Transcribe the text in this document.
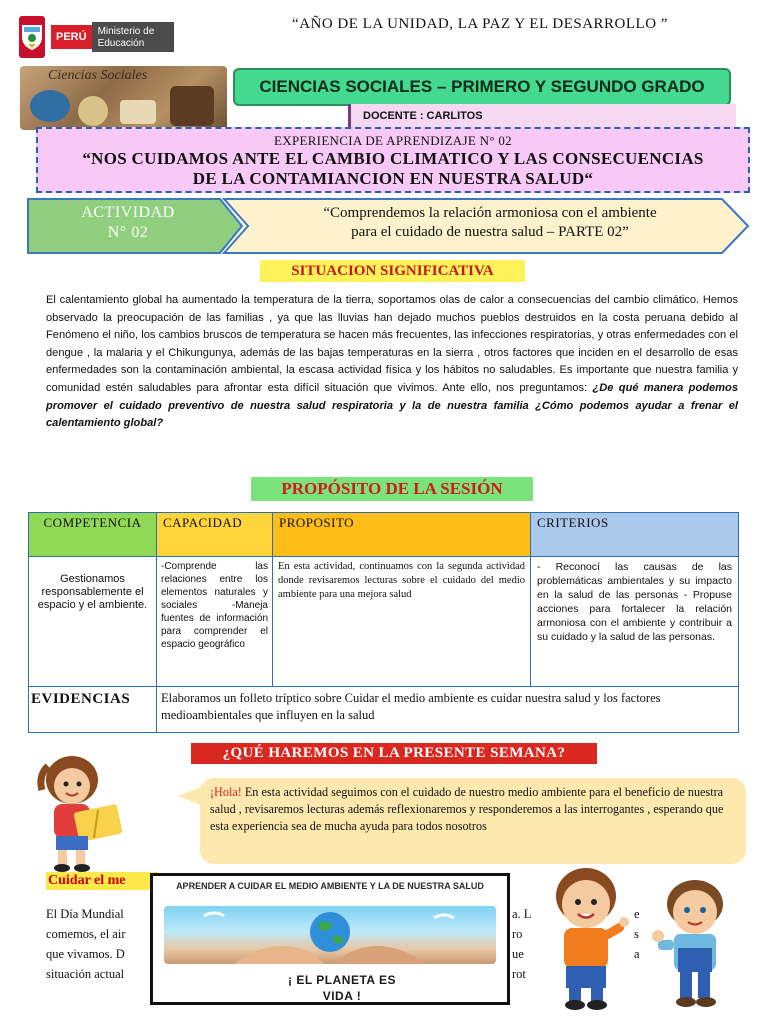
PERÚ	Ministerio de Educación
“AÑO DE LA UNIDAD, LA PAZ Y EL DESARROLLO ”
Ciencias Sociales
CIENCIAS SOCIALES – PRIMERO Y SEGUNDO GRADO
DOCENTE : CARLITOS
EXPERIENCIA DE APRENDIZAJE N° 02
“NOS CUIDAMOS ANTE EL CAMBIO CLIMATICO Y LAS CONSECUENCIAS
DE LA CONTAMIANCION EN NUESTRA SALUD“
ACTIVIDAD
N° 02
“Comprendemos la relación armoniosa con el ambiente
para el cuidado de nuestra salud – PARTE 02”
SITUACION SIGNIFICATIVA
El calentamiento global ha aumentado la temperatura de la tierra, soportamos olas de calor a consecuencias del cambio climático. Hemos observado la preocupación de las familias , ya que las lluvias han dejado muchos pueblos destruidos en la costa peruana debido al Fenómeno el niño, los cambios bruscos de temperatura se hacen más frecuentes, las infecciones respiratorias, y otras enfermedades con el dengue , la malaria y el Chikungunya, además de las bajas temperaturas en la sierra , otros factores que inciden en el desarrollo de esas enfermedades son la contaminación ambiental, la escasa actividad física y los hábitos no saludables. Es importante que nuestra familia y comunidad estén saludables para afrontar esta difícil situación que vivimos. Ante ello, nos preguntamos: ¿De qué manera podemos promover el cuidado preventivo de nuestra salud respiratoria y la de nuestra familia ¿Cómo podemos ayudar a frenar el calentamiento global?
PROPÓSITO DE LA SESIÓN
COMPETENCIA	CAPACIDAD	PROPOSITO	CRITERIOS
Gestionamos responsablemente el espacio y el ambiente.	-Comprende las relaciones entre los elementos naturales y sociales -Maneja fuentes de información para comprender el espacio geográfico	En esta actividad, continuamos con la segunda actividad donde revisaremos lecturas sobre el cuidado del medio ambiente para una mejora salud	- Reconocí las causas de las problemáticas ambientales y su impacto en la salud de las personas - Propuse acciones para fortalecer la relación armoniosa con el ambiente y contribuir a su cuidado y la salud de las personas.
EVIDENCIAS	Elaboramos un folleto tríptico sobre Cuidar el medio ambiente es cuidar nuestra salud y los factores medioambientales que influyen en la salud		
¿QUÉ HAREMOS EN LA PRESENTE SEMANA?
¡Hola! En esta actividad seguimos con el cuidado de nuestro medio ambiente para el beneficio de nuestra salud , revisaremos lecturas además reflexionaremos y responderemos a las interrogantes , esperando que esta experiencia sea de mucha ayuda para todos nosotros
Cuidar el me
El Día Mundial
comemos, el air
que vivamos. D
situación actual
a. L
ro
ue
rot
e
s
a
APRENDER A CUIDAR EL MEDIO AMBIENTE Y LA DE NUESTRA SALUD
¡ EL PLANETA ES
VIDA !
